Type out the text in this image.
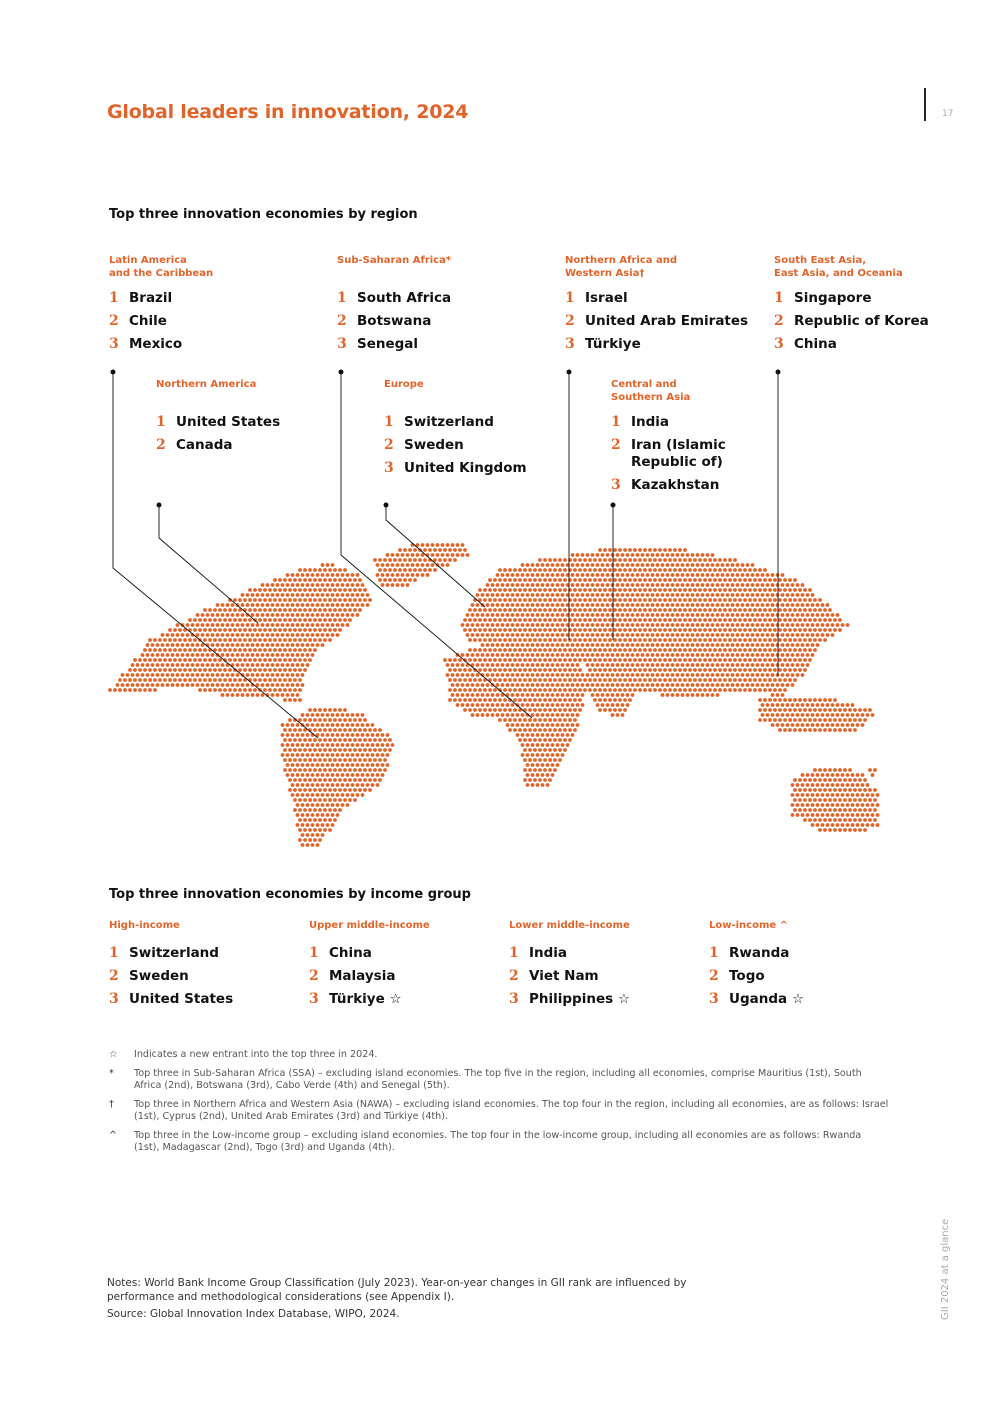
Global leaders in innovation, 2024	17
Top three innovation economies by region
Latin America
and the Caribbean
1 Brazil
2 Chile
3 Mexico
Sub-Saharan Africa*
1 South Africa
2 Botswana
3 Senegal
Northern Africa and
Western Asia†
1 Israel
2 United Arab Emirates
3 Türkiye
South East Asia,
East Asia, and Oceania
1 Singapore
2 Republic of Korea
3 China
Northern America
1 United States
2 Canada
Europe
1 Switzerland
2 Sweden
3 United Kingdom
Central and
Southern Asia
1 India
2 Iran (Islamic Republic of)
3 Kazakhstan
Top three innovation economies by income group
High-income
1 Switzerland
2 Sweden
3 United States
Upper middle-income
1 China
2 Malaysia
3 Türkiye ☆
Lower middle-income
1 India
2 Viet Nam
3 Philippines ☆
Low-income ^
1 Rwanda
2 Togo
3 Uganda ☆
☆ Indicates a new entrant into the top three in 2024.
* Top three in Sub-Saharan Africa (SSA) – excluding island economies. The top five in the region, including all economies, comprise Mauritius (1st), South Africa (2nd), Botswana (3rd), Cabo Verde (4th) and Senegal (5th).
† Top three in Northern Africa and Western Asia (NAWA) – excluding island economies. The top four in the region, including all economies, are as follows: Israel (1st), Cyprus (2nd), United Arab Emirates (3rd) and Türkiye (4th).
^ Top three in the Low-income group – excluding island economies. The top four in the low-income group, including all economies are as follows: Rwanda (1st), Madagascar (2nd), Togo (3rd) and Uganda (4th).
Notes: World Bank Income Group Classification (July 2023). Year-on-year changes in GII rank are influenced by performance and methodological considerations (see Appendix I).
Source: Global Innovation Index Database, WIPO, 2024.	GII 2024 at a glance
